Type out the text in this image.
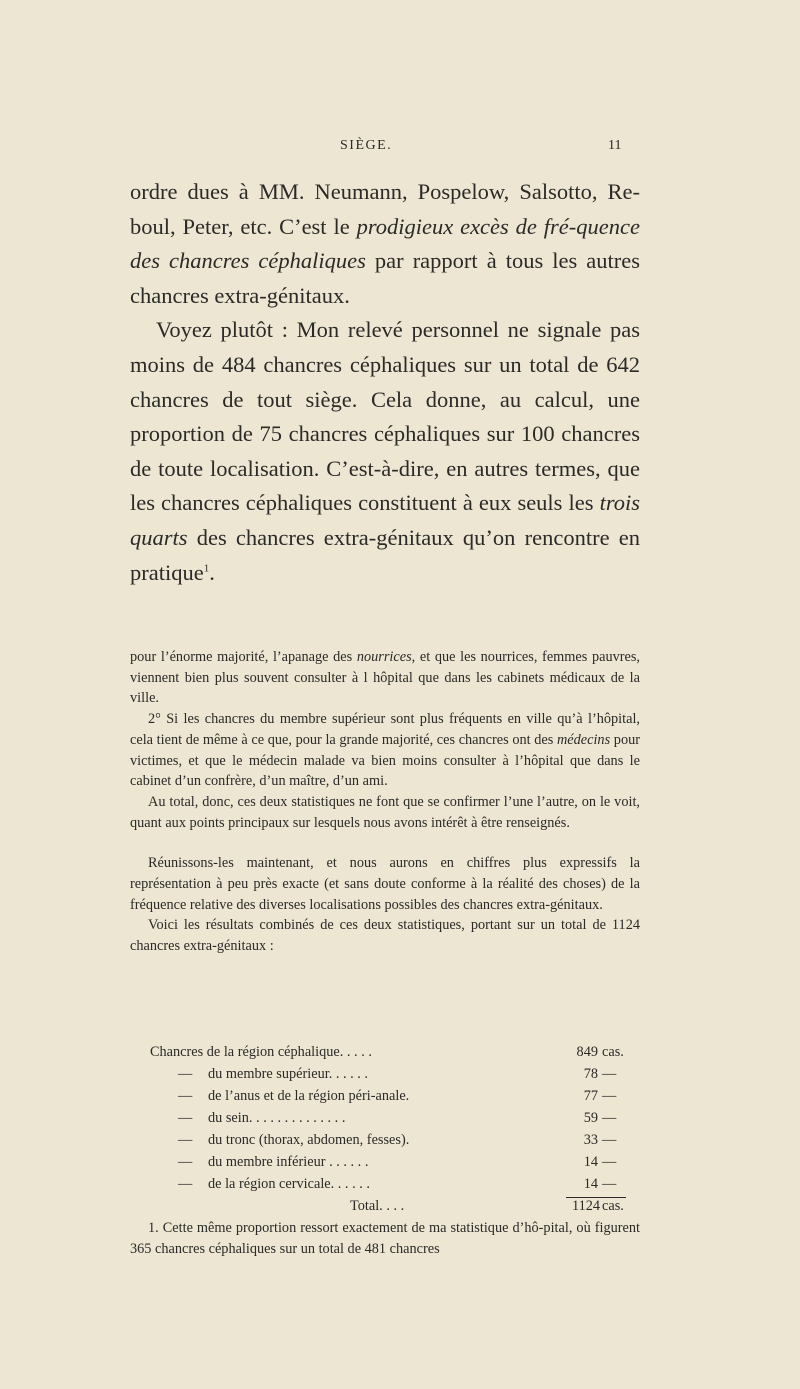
SIÈGE.	11

ordre dues à MM. Neumann, Pospelow, Salsotto, Re-boul, Peter, etc. C’est le prodigieux excès de fré-quence des chancres céphaliques par rapport à tous les autres chancres extra-génitaux.

Voyez plutôt : Mon relevé personnel ne signale pas moins de 484 chancres céphaliques sur un total de 642 chancres de tout siège. Cela donne, au calcul, une proportion de 75 chancres céphaliques sur 100 chancres de toute localisation. C’est-à-dire, en autres termes, que les chancres céphaliques constituent à eux seuls les trois quarts des chancres extra-génitaux qu’on rencontre en pratique$^1$.

pour l’énorme majorité, l’apanage des nourrices, et que les nourrices, femmes pauvres, viennent bien plus souvent consulter à l hôpital que dans les cabinets médicaux de la ville.

2° Si les chancres du membre supérieur sont plus fréquents en ville qu’à l’hôpital, cela tient de même à ce que, pour la grande majorité, ces chancres ont des médecins pour victimes, et que le médecin malade va bien moins consulter à l’hôpital que dans le cabinet d’un confrère, d’un maître, d’un ami.

Au total, donc, ces deux statistiques ne font que se confirmer l’une l’autre, on le voit, quant aux points principaux sur lesquels nous avons intérêt à être renseignés.

Réunissons-les maintenant, et nous aurons en chiffres plus expressifs la représentation à peu près exacte (et sans doute conforme à la réalité des choses) de la fréquence relative des diverses localisations possibles des chancres extra-génitaux.

Voici les résultats combinés de ces deux statistiques, portant sur un total de 1124 chancres extra-génitaux :

Chancres de la région céphalique. . . . .	849 cas.
— du membre supérieur. . . . . .	78 —
— de l’anus et de la région péri-anale.	77 —
— du sein. . . . . . . . . . . . . .	59 —
— du tronc (thorax, abdomen, fesses).	33 —
— du membre inférieur . . . . . .	14 —
— de la région cervicale. . . . . .	14 —
Total. . . .	1124 cas.

1. Cette même proportion ressort exactement de ma statistique d’hô-pital, où figurent 365 chancres céphaliques sur un total de 481 chancres
